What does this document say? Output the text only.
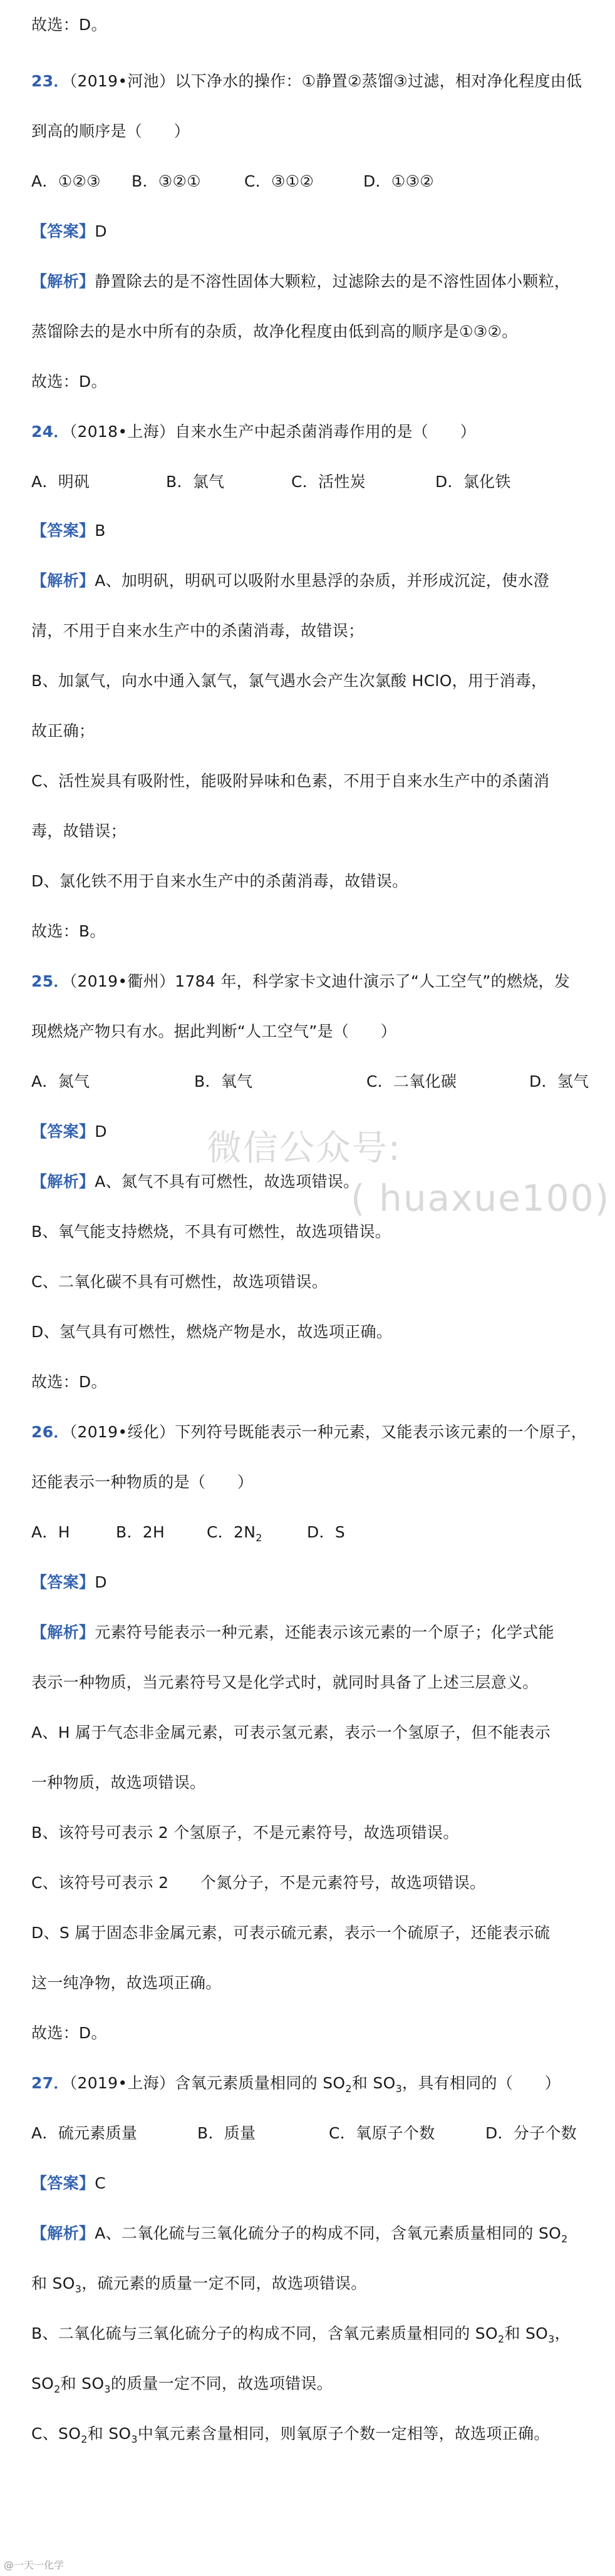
故选：D。
23．（2019•河池）以下净水的操作：①静置②蒸馏③过滤，相对净化程度由低
到高的顺序是（　　）
A．①②③ B．③②①	C．③①②	D．①③②
【答案】D
【解析】静置除去的是不溶性固体大颗粒，过滤除去的是不溶性固体小颗粒，
蒸馏除去的是水中所有的杂质，故净化程度由低到高的顺序是①③②。
故选：D。
24．（2018•上海）自来水生产中起杀菌消毒作用的是（　　）
A．明矾	B．氯气	C．活性炭	D．氯化铁
【答案】B
【解析】A、加明矾，明矾可以吸附水里悬浮的杂质，并形成沉淀，使水澄
清，不用于自来水生产中的杀菌消毒，故错误；
B、加氯气，向水中通入氯气，氯气遇水会产生次氯酸 HClO，用于消毒，
故正确；
C、活性炭具有吸附性，能吸附异味和色素，不用于自来水生产中的杀菌消
毒，故错误；
D、氯化铁不用于自来水生产中的杀菌消毒，故错误。
故选：B。
25．（2019•衢州）1784 年，科学家卡文迪什演示了“人工空气”的燃烧，发
现燃烧产物只有水。据此判断“人工空气”是（　　）
A．氮气	B．氧气	C．二氧化碳	D．氢气
【答案】D
【解析】A、氮气不具有可燃性，故选项错误。
B、氧气能支持燃烧，不具有可燃性，故选项错误。
C、二氧化碳不具有可燃性，故选项错误。
D、氢气具有可燃性，燃烧产物是水，故选项正确。
故选：D。
26．（2019•绥化）下列符号既能表示一种元素，又能表示该元素的一个原子，
还能表示一种物质的是（　　）
A．H	B．2H	C．$2N_2$	D．S
【答案】D
【解析】元素符号能表示一种元素，还能表示该元素的一个原子；化学式能
表示一种物质，当元素符号又是化学式时，就同时具备了上述三层意义。
A、H 属于气态非金属元素，可表示氢元素，表示一个氢原子，但不能表示
一种物质，故选项错误。
B、该符号可表示 2 个氢原子，不是元素符号，故选项错误。
C、该符号可表示 2　　个氮分子，不是元素符号，故选项错误。
D、S 属于固态非金属元素，可表示硫元素，表示一个硫原子，还能表示硫
这一纯净物，故选项正确。
故选：D。
27．（2019•上海）含氧元素质量相同的 $SO_2$和 $SO_3$，具有相同的（　　）
A．硫元素质量	B．质量	C．氧原子个数	D．分子个数
【答案】C
【解析】A、二氧化硫与三氧化硫分子的构成不同，含氧元素质量相同的 $SO_2$
和 $SO_3$，硫元素的质量一定不同，故选项错误。
B、二氧化硫与三氧化硫分子的构成不同，含氧元素质量相同的 $SO_2$和 $SO_3$，
$SO_2$和 $SO_3$的质量一定不同，故选项错误。
C、$SO_2$和 $SO_3$中氧元素含量相同，则氧原子个数一定相等，故选项正确。
微信公众号:
( huaxue100)
@一天一化学
